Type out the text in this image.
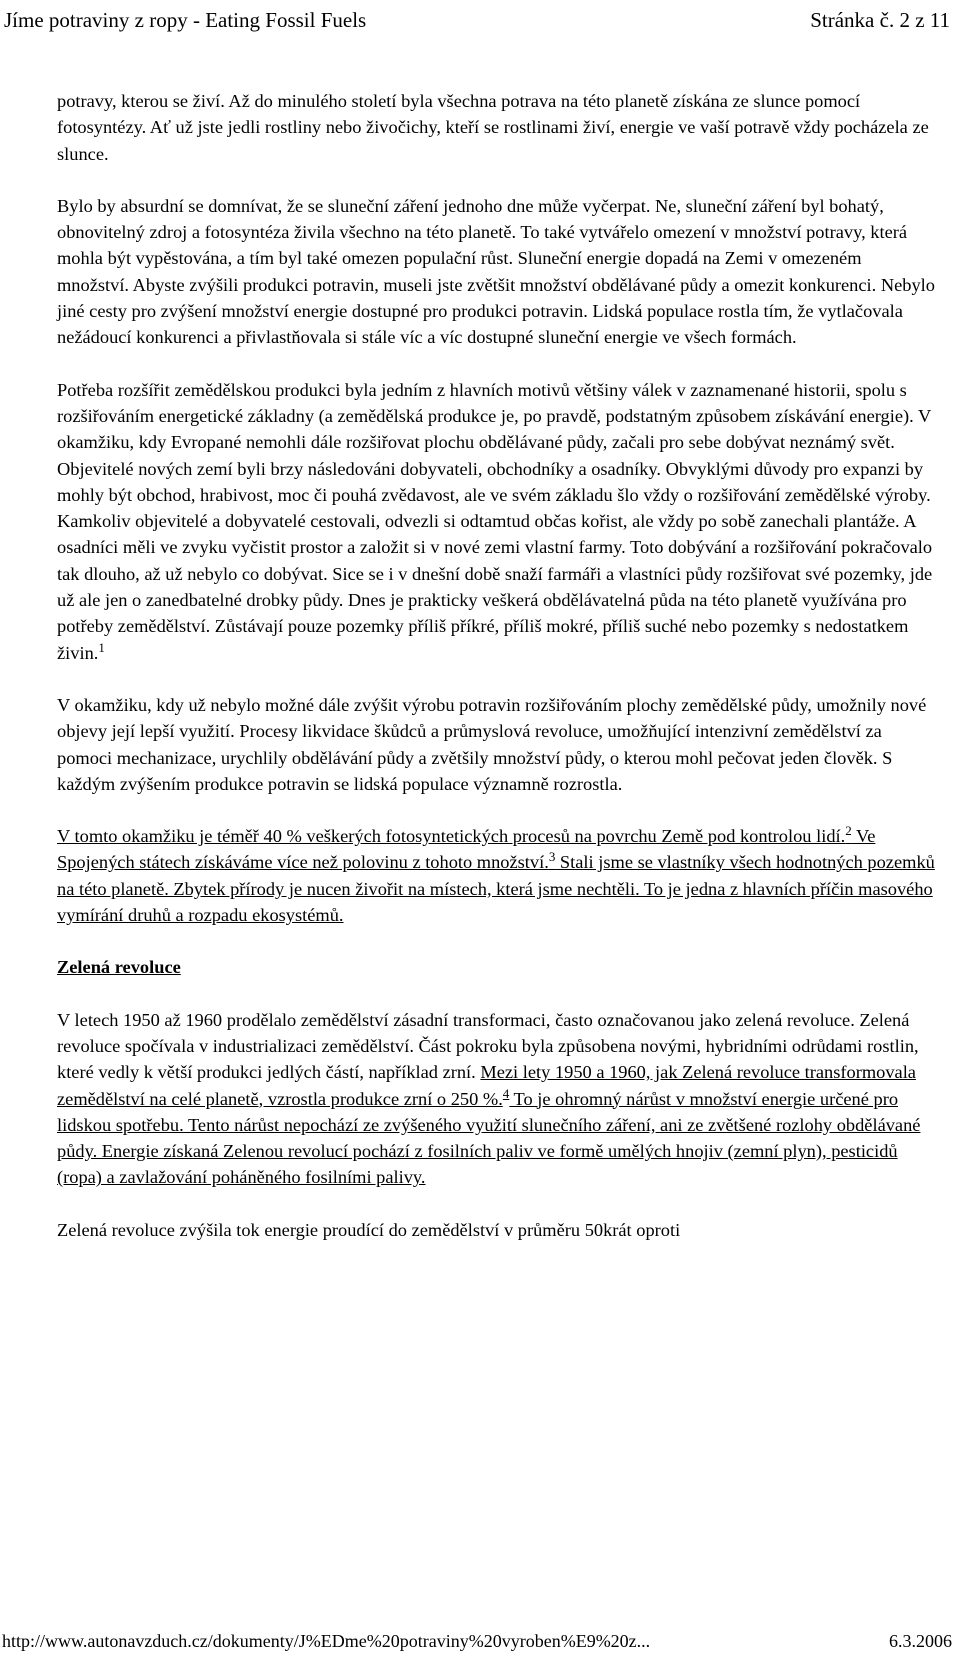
Jíme potraviny z ropy - Eating Fossil Fuels	Stránka č. 2 z 11

potravy, kterou se živí. Až do minulého století byla všechna potrava na této planetě získána ze slunce pomocí fotosyntézy. Ať už jste jedli rostliny nebo živočichy, kteří se rostlinami živí, energie ve vaší potravě vždy pocházela ze slunce.

Bylo by absurdní se domnívat, že se sluneční záření jednoho dne může vyčerpat. Ne, sluneční záření byl bohatý, obnovitelný zdroj a fotosyntéza živila všechno na této planetě. To také vytvářelo omezení v množství potravy, která mohla být vypěstována, a tím byl také omezen populační růst. Sluneční energie dopadá na Zemi v omezeném množství. Abyste zvýšili produkci potravin, museli jste zvětšit množství obdělávané půdy a omezit konkurenci. Nebylo jiné cesty pro zvýšení množství energie dostupné pro produkci potravin. Lidská populace rostla tím, že vytlačovala nežádoucí konkurenci a přivlastňovala si stále víc a víc dostupné sluneční energie ve všech formách.

Potřeba rozšířit zemědělskou produkci byla jedním z hlavních motivů většiny válek v zaznamenané historii, spolu s rozšiřováním energetické základny (a zemědělská produkce je, po pravdě, podstatným způsobem získávání energie). V okamžiku, kdy Evropané nemohli dále rozšiřovat plochu obdělávané půdy, začali pro sebe dobývat neznámý svět. Objevitelé nových zemí byli brzy následováni dobyvateli, obchodníky a osadníky. Obvyklými důvody pro expanzi by mohly být obchod, hrabivost, moc či pouhá zvědavost, ale ve svém základu šlo vždy o rozšiřování zemědělské výroby. Kamkoliv objevitelé a dobyvatelé cestovali, odvezli si odtamtud občas kořist, ale vždy po sobě zanechali plantáže. A osadníci měli ve zvyku vyčistit prostor a založit si v nové zemi vlastní farmy. Toto dobývání a rozšiřování pokračovalo tak dlouho, až už nebylo co dobývat. Sice se i v dnešní době snaží farmáři a vlastníci půdy rozšiřovat své pozemky, jde už ale jen o zanedbatelné drobky půdy. Dnes je prakticky veškerá obdělávatelná půda na této planetě využívána pro potřeby zemědělství. Zůstávají pouze pozemky příliš příkré, příliš mokré, příliš suché nebo pozemky s nedostatkem živin.$^1$

V okamžiku, kdy už nebylo možné dále zvýšit výrobu potravin rozšiřováním plochy zemědělské půdy, umožnily nové objevy její lepší využití. Procesy likvidace škůdců a průmyslová revoluce, umožňující intenzivní zemědělství za pomoci mechanizace, urychlily obdělávání půdy a zvětšily množství půdy, o kterou mohl pečovat jeden člověk. S každým zvýšením produkce potravin se lidská populace významně rozrostla.

V tomto okamžiku je téměř 40 % veškerých fotosyntetických procesů na povrchu Země pod kontrolou lidí.$^2$ Ve Spojených státech získáváme více než polovinu z tohoto množství.$^3$ Stali jsme se vlastníky všech hodnotných pozemků na této planetě. Zbytek přírody je nucen živořit na místech, která jsme nechtěli. To je jedna z hlavních příčin masového vymírání druhů a rozpadu ekosystémů.

Zelená revoluce

V letech 1950 až 1960 prodělalo zemědělství zásadní transformaci, často označovanou jako zelená revoluce. Zelená revoluce spočívala v industrializaci zemědělství. Část pokroku byla způsobena novými, hybridními odrůdami rostlin, které vedly k větší produkci jedlých částí, například zrní. Mezi lety 1950 a 1960, jak Zelená revoluce transformovala zemědělství na celé planetě, vzrostla produkce zrní o 250 %.$^4$ To je ohromný nárůst v množství energie určené pro lidskou spotřebu. Tento nárůst nepochází ze zvýšeného využití slunečního záření, ani ze zvětšené rozlohy obdělávané půdy. Energie získaná Zelenou revolucí pochází z fosilních paliv ve formě umělých hnojiv (zemní plyn), pesticidů (ropa) a zavlažování poháněného fosilními palivy.

Zelená revoluce zvýšila tok energie proudící do zemědělství v průměru 50krát oproti

http://www.autonavzduch.cz/dokumenty/J%EDme%20potraviny%20vyroben%E9%20z...	6.3.2006
